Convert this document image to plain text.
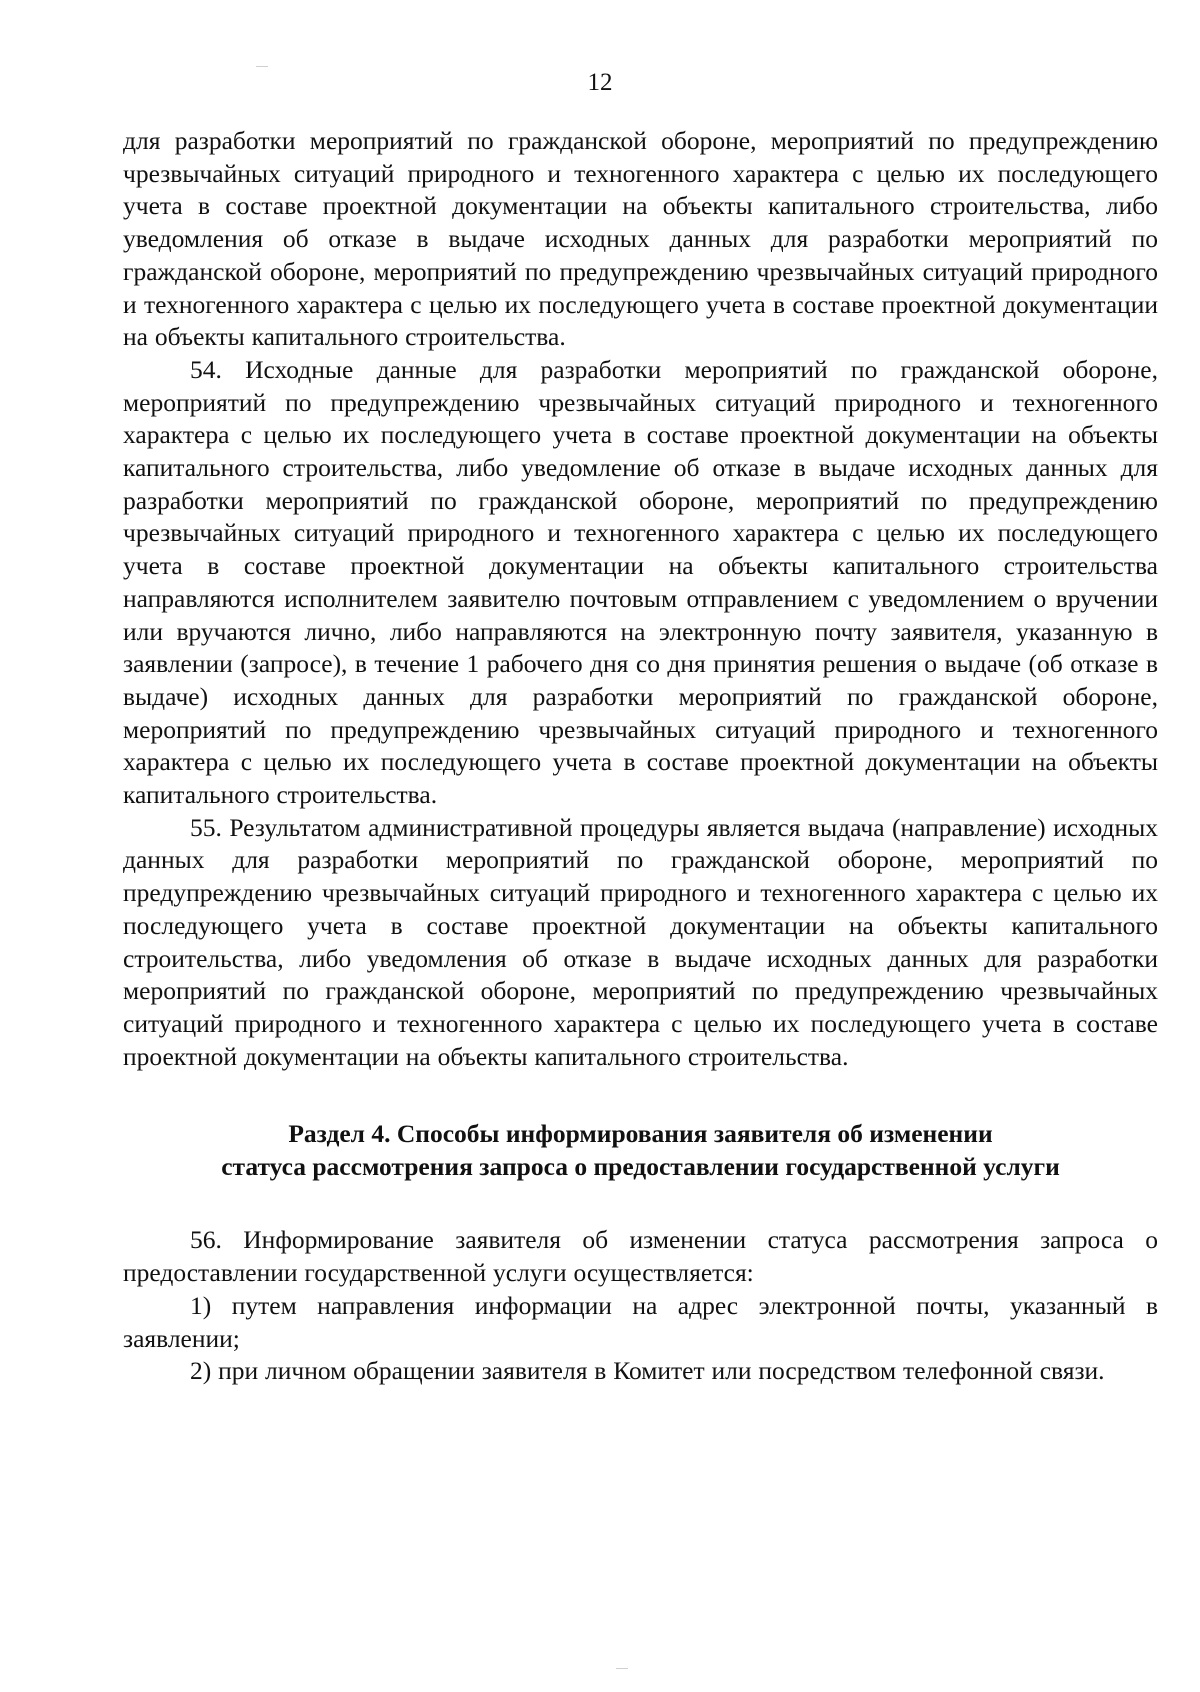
12

для разработки мероприятий по гражданской обороне, мероприятий по предупреждению чрезвычайных ситуаций природного и техногенного характера с целью их последующего учета в составе проектной документации на объекты капитального строительства, либо уведомления об отказе в выдаче исходных данных для разработки мероприятий по гражданской обороне, мероприятий по предупреждению чрезвычайных ситуаций природного и техногенного характера с целью их последующего учета в составе проектной документации на объекты капитального строительства.

54. Исходные данные для разработки мероприятий по гражданской обороне, мероприятий по предупреждению чрезвычайных ситуаций природного и техногенного характера с целью их последующего учета в составе проектной документации на объекты капитального строительства, либо уведомление об отказе в выдаче исходных данных для разработки мероприятий по гражданской обороне, мероприятий по предупреждению чрезвычайных ситуаций природного и техногенного характера с целью их последующего учета в составе проектной документации на объекты капитального строительства направляются исполнителем заявителю почтовым отправлением с уведомлением о вручении или вручаются лично, либо направляются на электронную почту заявителя, указанную в заявлении (запросе), в течение 1 рабочего дня со дня принятия решения о выдаче (об отказе в выдаче) исходных данных для разработки мероприятий по гражданской обороне, мероприятий по предупреждению чрезвычайных ситуаций природного и техногенного характера с целью их последующего учета в составе проектной документации на объекты капитального строительства.

55. Результатом административной процедуры является выдача (направление) исходных данных для разработки мероприятий по гражданской обороне, мероприятий по предупреждению чрезвычайных ситуаций природного и техногенного характера с целью их последующего учета в составе проектной документации на объекты капитального строительства, либо уведомления об отказе в выдаче исходных данных для разработки мероприятий по гражданской обороне, мероприятий по предупреждению чрезвычайных ситуаций природного и техногенного характера с целью их последующего учета в составе проектной документации на объекты капитального строительства.

Раздел 4. Способы информирования заявителя об изменении
статуса рассмотрения запроса о предоставлении государственной услуги

56. Информирование заявителя об изменении статуса рассмотрения запроса о предоставлении государственной услуги осуществляется:

1) путем направления информации на адрес электронной почты, указанный в заявлении;

2) при личном обращении заявителя в Комитет или посредством телефонной связи.
